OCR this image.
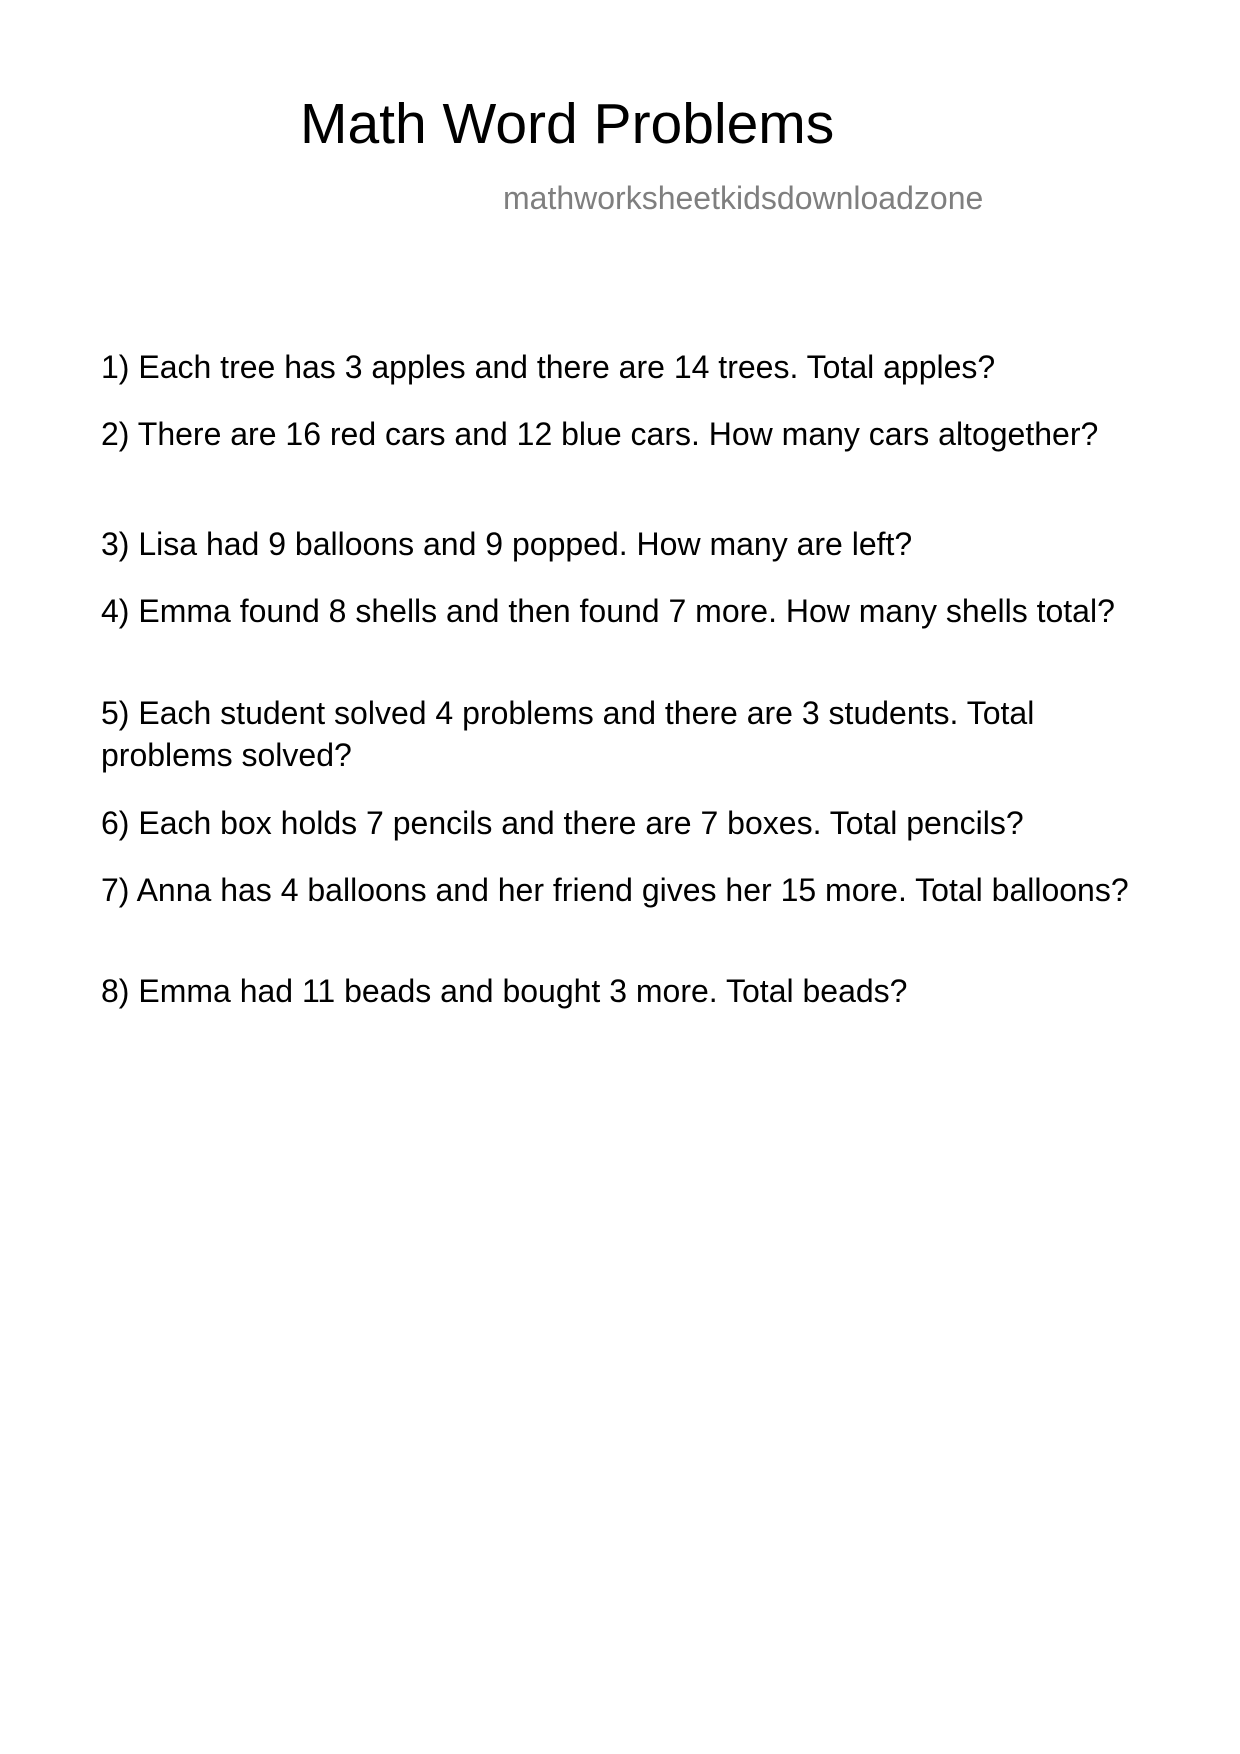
Math Word Problems
mathworksheetkidsdownloadzone
1) Each tree has 3 apples and there are 14 trees. Total apples?
2) There are 16 red cars and 12 blue cars. How many cars altogether?
3) Lisa had 9 balloons and 9 popped. How many are left?
4) Emma found 8 shells and then found 7 more. How many shells total?
5) Each student solved 4 problems and there are 3 students. Total problems solved?
6) Each box holds 7 pencils and there are 7 boxes. Total pencils?
7) Anna has 4 balloons and her friend gives her 15 more. Total balloons?
8) Emma had 11 beads and bought 3 more. Total beads?
